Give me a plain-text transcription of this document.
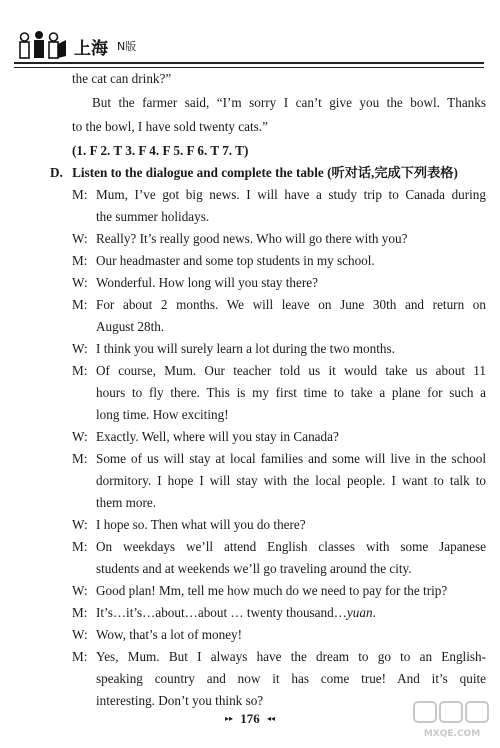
上海 N版
the cat can drink?”
But the farmer said, “I’m sorry I can’t give you the bowl. Thanks
to the bowl, I have sold twenty cats.”
(1. F 2. T 3. F 4. F 5. F 6. T 7. T)
D. Listen to the dialogue and complete the table (听对话,完成下列表格)
M: Mum, I’ve got big news. I will have a study trip to Canada during
the summer holidays.
W: Really? It’s really good news. Who will go there with you?
M: Our headmaster and some top students in my school.
W: Wonderful. How long will you stay there?
M: For about 2 months. We will leave on June 30th and return on
August 28th.
W: I think you will surely learn a lot during the two months.
M: Of course, Mum. Our teacher told us it would take us about 11
hours to fly there. This is my first time to take a plane for such a
long time. How exciting!
W: Exactly. Well, where will you stay in Canada?
M: Some of us will stay at local families and some will live in the school
dormitory. I hope I will stay with the local people. I want to talk to
them more.
W: I hope so. Then what will you do there?
M: On weekdays we’ll attend English classes with some Japanese
students and at weekends we’ll go traveling around the city.
W: Good plan! Mm, tell me how much do we need to pay for the trip?
M: It’s…it’s…about…about … twenty thousand…yuan.
W: Wow, that’s a lot of money!
M: Yes, Mum. But I always have the dream to go to an English-
speaking country and now it has come true! And it’s quite
interesting. Don’t you think so?
▸▸ 176 ◂◂
MXQE.COM
